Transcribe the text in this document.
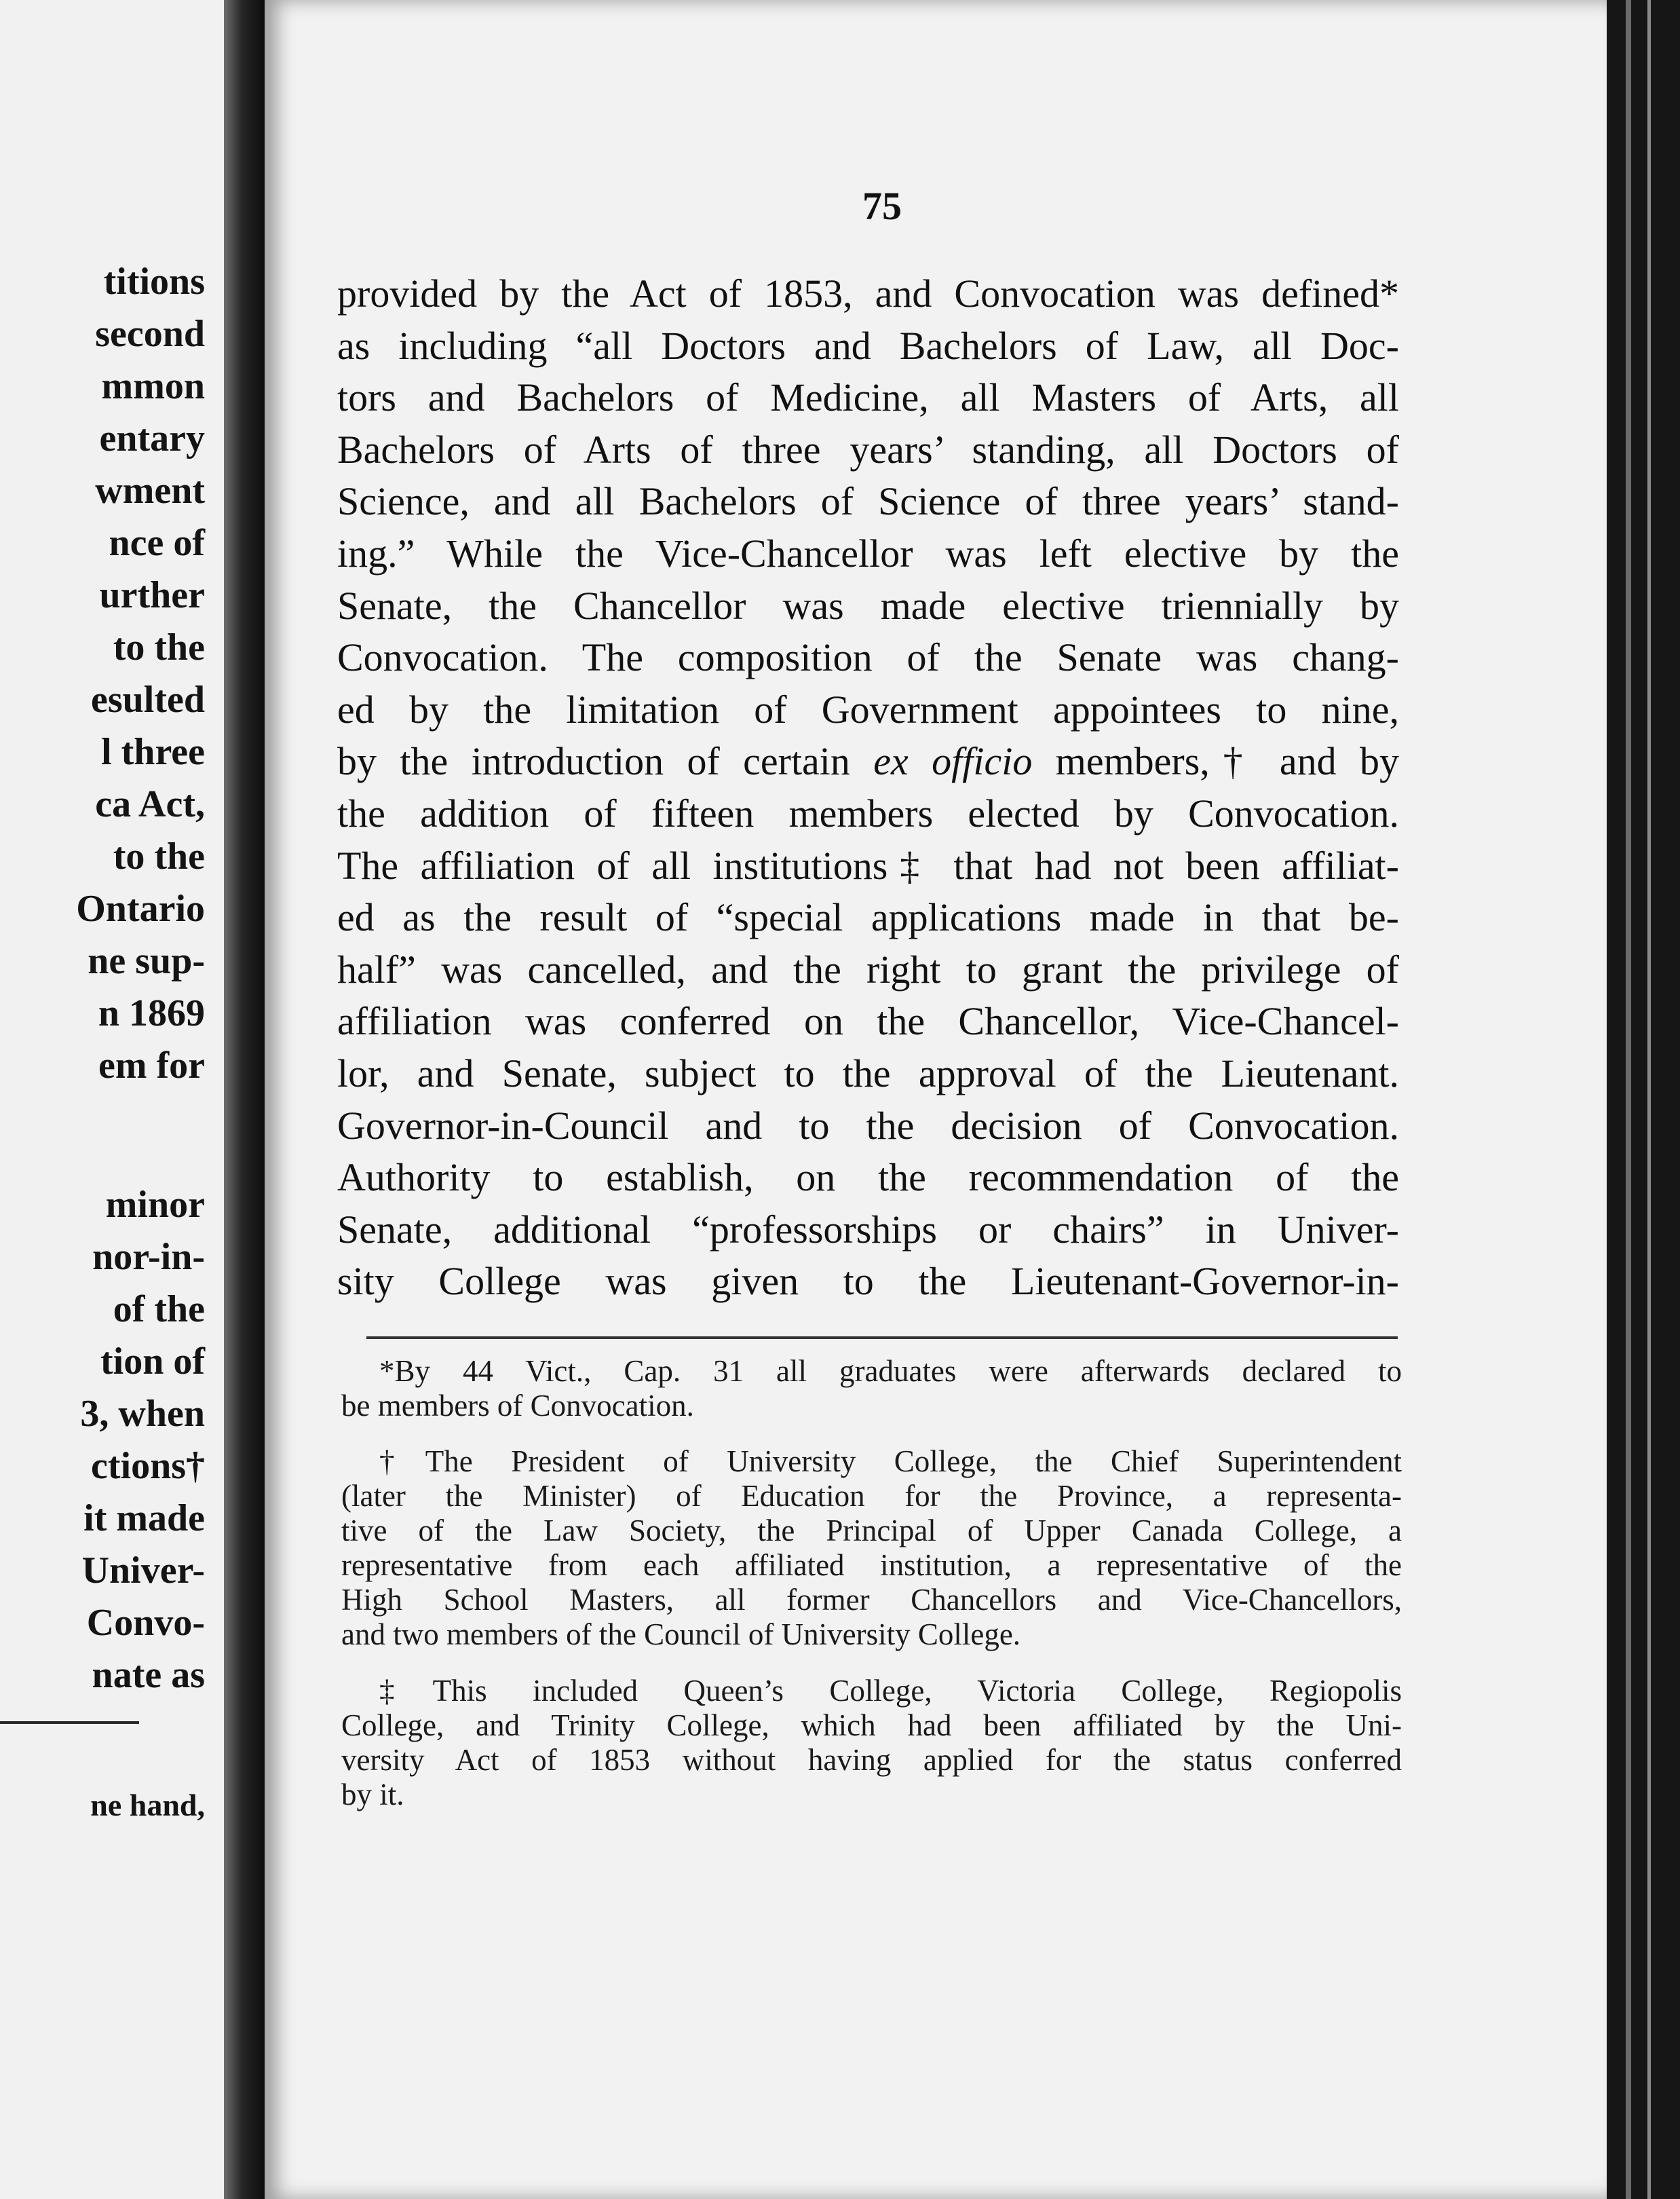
titions

second

mmon

entary

wment

nce of

urther

to the

esulted

l three

ca Act,

to the

Ontario

ne sup-

n 1869

em for

minor

nor-in-

of the

tion of

3, when

ctions†

it made

Univer-

Convo-

nate as

ne hand,

75

provided by the Act of 1853, and Convocation was defined*
as including “all Doctors and Bachelors of Law, all Doc-
tors and Bachelors of Medicine, all Masters of Arts, all
Bachelors of Arts of three years’ standing, all Doctors of
Science, and all Bachelors of Science of three years’ stand-
ing.” While the Vice-Chancellor was left elective by the
Senate, the Chancellor was made elective triennially by
Convocation. The composition of the Senate was chang-
ed by the limitation of Government appointees to nine,
by the introduction of certain ex officio members,† and by
the addition of fifteen members elected by Convocation.
The affiliation of all institutions‡ that had not been affiliat-
ed as the result of “special applications made in that be-
half” was cancelled, and the right to grant the privilege of
affiliation was conferred on the Chancellor, Vice-Chancel-
lor, and Senate, subject to the approval of the Lieutenant.
Governor-in-Council and to the decision of Convocation.
Authority to establish, on the recommendation of the
Senate, additional “professorships or chairs” in Univer-
sity College was given to the Lieutenant-Governor-in-

*By 44 Vict., Cap. 31 all graduates were afterwards declared to
be members of Convocation.

†The President of University College, the Chief Superintendent
(later the Minister) of Education for the Province, a representa-
tive of the Law Society, the Principal of Upper Canada College, a
representative from each affiliated institution, a representative of the
High School Masters, all former Chancellors and Vice-Chancellors,
and two members of the Council of University College.

‡This included Queen’s College, Victoria College, Regiopolis
College, and Trinity College, which had been affiliated by the Uni-
versity Act of 1853 without having applied for the status conferred
by it.
